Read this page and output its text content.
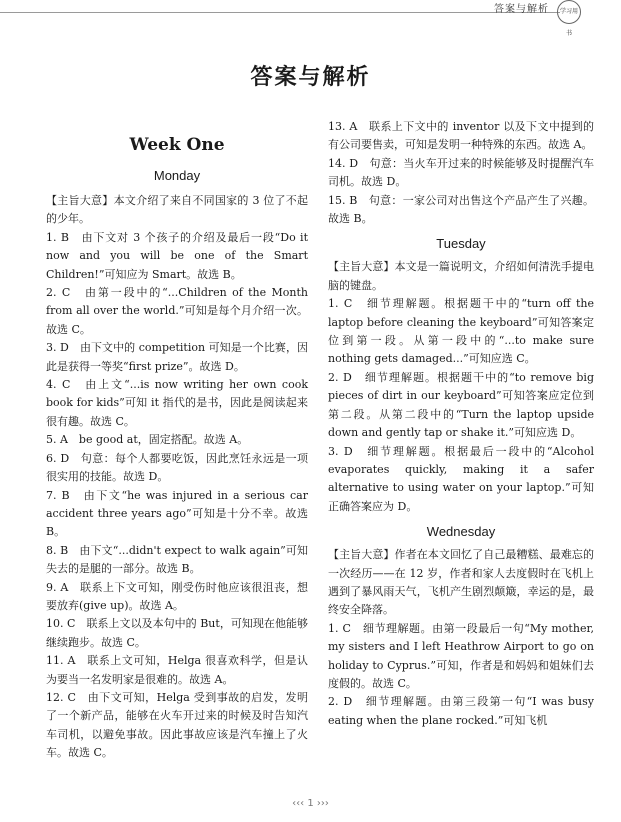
答案与解析	学习用书
答案与解析
Week One
Monday

【主旨大意】本文介绍了来自不同国家的 3 位了不起的少年。

1. B　由下文对 3 个孩子的介绍及最后一段“Do it now and you will be one of the Smart Children!”可知应为 Smart。故选 B。

2. C　由第一段中的“...Children of the Month from all over the world.”可知是每个月介绍一次。故选 C。

3. D　由下文中的 competition 可知是一个比赛，因此是获得一等奖“first prize”。故选 D。

4. C　由上文“...is now writing her own cook book for kids”可知 it 指代的是书，因此是阅读起来很有趣。故选 C。

5. A　be good at，固定搭配。故选 A。

6. D　句意：每个人都要吃饭，因此烹饪永远是一项很实用的技能。故选 D。

7. B　由下文“he was injured in a serious car accident three years ago”可知是十分不幸。故选 B。

8. B　由下文“...didn't expect to walk again”可知失去的是腿的一部分。故选 B。

9. A　联系上下文可知，刚受伤时他应该很沮丧，想要放弃(give up)。故选 A。

10. C　联系上文以及本句中的 But，可知现在他能够继续跑步。故选 C。

11. A　联系上文可知，Helga 很喜欢科学，但是认为要当一名发明家是很难的。故选 A。

12. C　由下文可知，Helga 受到事故的启发，发明了一个新产品，能够在火车开过来的时候及时告知汽车司机，以避免事故。因此事故应该是汽车撞上了火车。故选 C。

13. A　联系上下文中的 inventor 以及下文中提到的有公司要售卖，可知是发明一种特殊的东西。故选 A。

14. D　句意：当火车开过来的时候能够及时提醒汽车司机。故选 D。

15. B　句意：一家公司对出售这个产品产生了兴趣。故选 B。

Tuesday

【主旨大意】本文是一篇说明文，介绍如何清洗手提电脑的键盘。

1. C　细节理解题。根据题干中的“turn off the laptop before cleaning the keyboard”可知答案定位到第一段。从第一段中的“...to make sure nothing gets damaged...”可知应选 C。

2. D　细节理解题。根据题干中的“to remove big pieces of dirt in our keyboard”可知答案应定位到第二段。从第二段中的“Turn the laptop upside down and gently tap or shake it.”可知应选 D。

3. D　细节理解题。根据最后一段中的“Alcohol evaporates quickly, making it a safer alternative to using water on your laptop.”可知正确答案应为 D。

Wednesday

【主旨大意】作者在本文回忆了自己最糟糕、最难忘的一次经历——在 12 岁，作者和家人去度假时在飞机上遇到了暴风雨天气，飞机产生剧烈颠簸，幸运的是，最终安全降落。

1. C　细节理解题。由第一段最后一句“My mother, my sisters and I left Heathrow Airport to go on holiday to Cyprus.”可知，作者是和妈妈和姐妹们去度假的。故选 C。

2. D　细节理解题。由第三段第一句“I was busy eating when the plane rocked.”可知飞机

‹‹‹ 1 ›››
